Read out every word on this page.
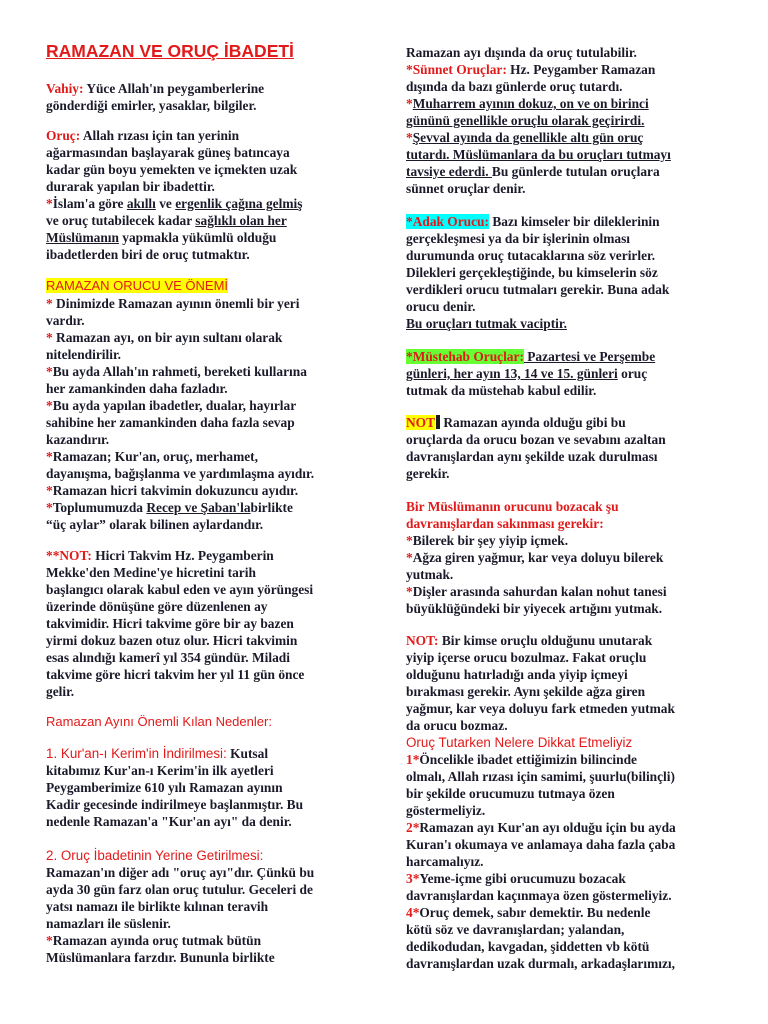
RAMAZAN VE ORUÇ İBADETİ
Vahiy: Yüce Allah'ın peygamberlerine
gönderdiği emirler, yasaklar, bilgiler.
Oruç: Allah rızası için tan yerinin
ağarmasından başlayarak güneş batıncaya
kadar gün boyu yemekten ve içmekten uzak
durarak yapılan bir ibadettir.
*İslam'a göre akıllı ve ergenlik çağına gelmiş
ve oruç tutabilecek kadar sağlıklı olan her
Müslümanın yapmakla yükümlü olduğu
ibadetlerden biri de oruç tutmaktır.
RAMAZAN ORUCU VE ÖNEMİ
* Dinimizde Ramazan ayının önemli bir yeri
vardır.
* Ramazan ayı, on bir ayın sultanı olarak
nitelendirilir.
*Bu ayda Allah'ın rahmeti, bereketi kullarına
her zamankinden daha fazladır.
*Bu ayda yapılan ibadetler, dualar, hayırlar
sahibine her zamankinden daha fazla sevap
kazandırır.
*Ramazan; Kur'an, oruç, merhamet,
dayanışma, bağışlanma ve yardımlaşma ayıdır.
*Ramazan hicri takvimin dokuzuncu ayıdır.
*Toplumumuzda Recep ve Şaban'labirlikte
“üç aylar” olarak bilinen aylardandır.
**NOT: Hicri Takvim Hz. Peygamberin
Mekke'den Medine'ye hicretini tarih
başlangıcı olarak kabul eden ve ayın yörüngesi
üzerinde dönüşüne göre düzenlenen ay
takvimidir. Hicri takvime göre bir ay bazen
yirmi dokuz bazen otuz olur. Hicri takvimin
esas alındığı kamerî yıl 354 gündür. Miladi
takvime göre hicri takvim her yıl 11 gün önce
gelir.
Ramazan Ayını Önemli Kılan Nedenler:
1. Kur'an-ı Kerim'in İndirilmesi: Kutsal
kitabımız Kur'an-ı Kerim'in ilk ayetleri
Peygamberimize 610 yılı Ramazan ayının
Kadir gecesinde indirilmeye başlanmıştır. Bu
nedenle Ramazan'a "Kur'an ayı" da denir.
2. Oruç İbadetinin Yerine Getirilmesi:
Ramazan'ın diğer adı "oruç ayı"dır. Çünkü bu
ayda 30 gün farz olan oruç tutulur. Geceleri de
yatsı namazı ile birlikte kılınan teravih
namazları ile süslenir.
*Ramazan ayında oruç tutmak bütün
Müslümanlara farzdır. Bununla birlikte
Ramazan ayı dışında da oruç tutulabilir.
*Sünnet Oruçlar: Hz. Peygamber Ramazan
dışında da bazı günlerde oruç tutardı.
*Muharrem ayının dokuz, on ve on birinci
gününü genellikle oruçlu olarak geçirirdi.
*Şevval ayında da genellikle altı gün oruç
tutardı. Müslümanlara da bu oruçları tutmayı
tavsiye ederdi. Bu günlerde tutulan oruçlara
sünnet oruçlar denir.
*Adak Orucu: Bazı kimseler bir dileklerinin
gerçekleşmesi ya da bir işlerinin olması
durumunda oruç tutacaklarına söz verirler.
Dilekleri gerçekleştiğinde, bu kimselerin söz
verdikleri orucu tutmaları gerekir. Buna adak
orucu denir.
Bu oruçları tutmak vaciptir.
*Müstehab Oruçlar: Pazartesi ve Perşembe
günleri, her ayın 13, 14 ve 15. günleri oruç
tutmak da müstehab kabul edilir.
NOT Ramazan ayında olduğu gibi bu
oruçlarda da orucu bozan ve sevabını azaltan
davranışlardan aynı şekilde uzak durulması
gerekir.
Bir Müslümanın orucunu bozacak şu
davranışlardan sakınması gerekir:
*Bilerek bir şey yiyip içmek.
*Ağza giren yağmur, kar veya doluyu bilerek
yutmak.
*Dişler arasında sahurdan kalan nohut tanesi
büyüklüğündeki bir yiyecek artığını yutmak.
NOT: Bir kimse oruçlu olduğunu unutarak
yiyip içerse orucu bozulmaz. Fakat oruçlu
olduğunu hatırladığı anda yiyip içmeyi
bırakması gerekir. Aynı şekilde ağza giren
yağmur, kar veya doluyu fark etmeden yutmak
da orucu bozmaz.
Oruç Tutarken Nelere Dikkat Etmeliyiz
1*Öncelikle ibadet ettiğimizin bilincinde
olmalı, Allah rızası için samimi, şuurlu(bilinçli)
bir şekilde orucumuzu tutmaya özen
göstermeliyiz.
2*Ramazan ayı Kur'an ayı olduğu için bu ayda
Kuran'ı okumaya ve anlamaya daha fazla çaba
harcamalıyız.
3*Yeme-içme gibi orucumuzu bozacak
davranışlardan kaçınmaya özen göstermeliyiz.
4*Oruç demek, sabır demektir. Bu nedenle
kötü söz ve davranışlardan; yalandan,
dedikodudan, kavgadan, şiddetten vb kötü
davranışlardan uzak durmalı, arkadaşlarımızı,
